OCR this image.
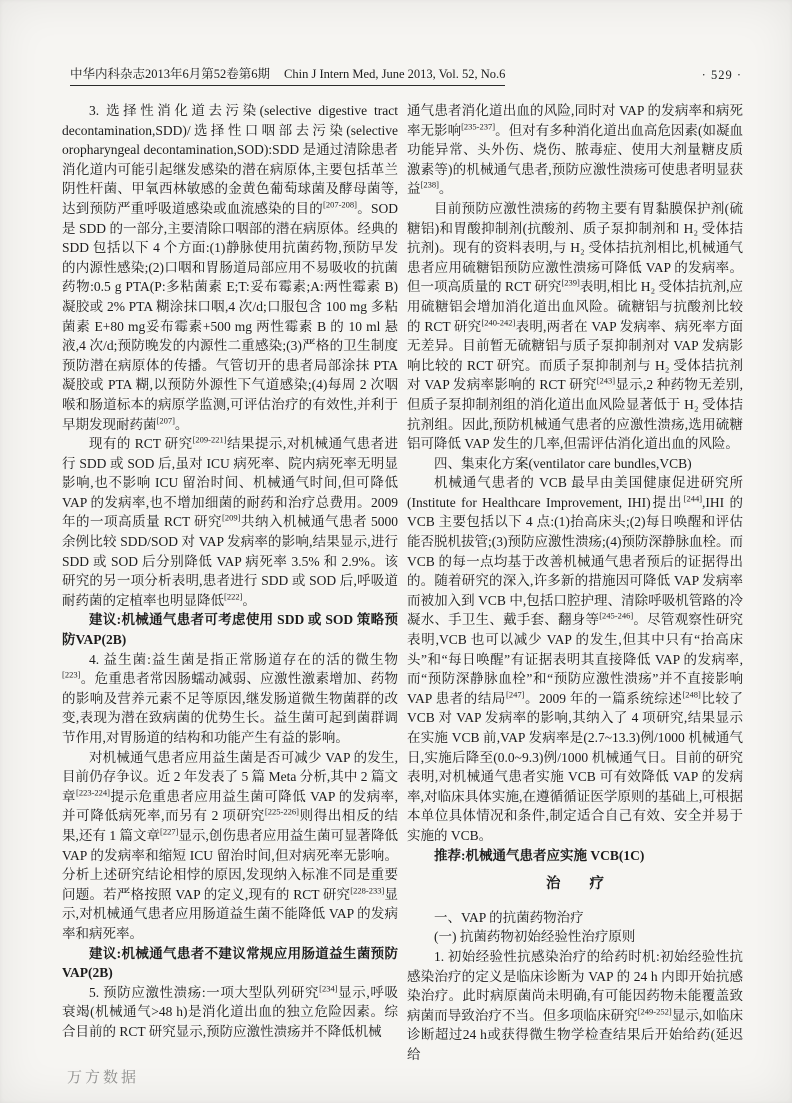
中华内科杂志2013年6月第52卷第6期 Chin J Intern Med, June 2013, Vol. 52, No.6	· 529 ·

3. 选择性消化道去污染(selective digestive tract decontamination,SDD)/选择性口咽部去污染(selective oropharyngeal decontamination,SOD):SDD 是通过清除患者消化道内可能引起继发感染的潜在病原体,主要包括革兰阴性杆菌、甲氧西林敏感的金黄色葡萄球菌及酵母菌等,达到预防严重呼吸道感染或血流感染的目的[207-208]。SOD 是 SDD 的一部分,主要清除口咽部的潜在病原体。经典的 SDD 包括以下 4 个方面:(1)静脉使用抗菌药物,预防早发的内源性感染;(2)口咽和胃肠道局部应用不易吸收的抗菌药物:0.5 g PTA(P:多粘菌素 E;T:妥布霉素;A:两性霉素 B)凝胶或 2% PTA 糊涂抹口咽,4 次/d;口服包含 100 mg 多粘菌素 E+80 mg妥布霉素+500 mg 两性霉素 B 的 10 ml 悬液,4 次/d;预防晚发的内源性二重感染;(3)严格的卫生制度预防潜在病原体的传播。气管切开的患者局部涂抹 PTA 凝胶或 PTA 糊,以预防外源性下气道感染;(4)每周 2 次咽喉和肠道标本的病原学监测,可评估治疗的有效性,并利于早期发现耐药菌[207]。

现有的 RCT 研究[209-221]结果提示,对机械通气患者进行 SDD 或 SOD 后,虽对 ICU 病死率、院内病死率无明显影响,也不影响 ICU 留治时间、机械通气时间,但可降低 VAP 的发病率,也不增加细菌的耐药和治疗总费用。2009 年的一项高质量 RCT 研究[209]共纳入机械通气患者 5000 余例比较 SDD/SOD 对 VAP 发病率的影响,结果显示,进行 SDD 或 SOD 后分别降低 VAP 病死率 3.5% 和 2.9%。该研究的另一项分析表明,患者进行 SDD 或 SOD 后,呼吸道耐药菌的定植率也明显降低[222]。

建议:机械通气患者可考虑使用 SDD 或 SOD 策略预防VAP(2B)

4. 益生菌:益生菌是指正常肠道存在的活的微生物[223]。危重患者常因肠蠕动减弱、应激性激素增加、药物的影响及营养元素不足等原因,继发肠道微生物菌群的改变,表现为潜在致病菌的优势生长。益生菌可起到菌群调节作用,对胃肠道的结构和功能产生有益的影响。

对机械通气患者应用益生菌是否可减少 VAP 的发生,目前仍存争议。近 2 年发表了 5 篇 Meta 分析,其中 2 篇文章[223-224]提示危重患者应用益生菌可降低 VAP 的发病率,并可降低病死率,而另有 2 项研究[225-226]则得出相反的结果,还有 1 篇文章[227]显示,创伤患者应用益生菌可显著降低 VAP 的发病率和缩短 ICU 留治时间,但对病死率无影响。分析上述研究结论相悖的原因,发现纳入标准不同是重要问题。若严格按照 VAP 的定义,现有的 RCT 研究[228-233]显示,对机械通气患者应用肠道益生菌不能降低 VAP 的发病率和病死率。

建议:机械通气患者不建议常规应用肠道益生菌预防VAP(2B)

5. 预防应激性溃疡:一项大型队列研究[234]显示,呼吸衰竭(机械通气>48 h)是消化道出血的独立危险因素。综合目前的 RCT 研究显示,预防应激性溃疡并不降低机械

通气患者消化道出血的风险,同时对 VAP 的发病率和病死率无影响[235-237]。但对有多种消化道出血高危因素(如凝血功能异常、头外伤、烧伤、脓毒症、使用大剂量糖皮质激素等)的机械通气患者,预防应激性溃疡可使患者明显获益[238]。

目前预防应激性溃疡的药物主要有胃黏膜保护剂(硫糖铝)和胃酸抑制剂(抗酸剂、质子泵抑制剂和 H₂ 受体拮抗剂)。现有的资料表明,与 H₂ 受体拮抗剂相比,机械通气患者应用硫糖铝预防应激性溃疡可降低 VAP 的发病率。但一项高质量的 RCT 研究[239]表明,相比 H₂ 受体拮抗剂,应用硫糖铝会增加消化道出血风险。硫糖铝与抗酸剂比较的 RCT 研究[240-242]表明,两者在 VAP 发病率、病死率方面无差异。目前暂无硫糖铝与质子泵抑制剂对 VAP 发病影响比较的 RCT 研究。而质子泵抑制剂与 H₂ 受体拮抗剂对 VAP 发病率影响的 RCT 研究[243]显示,2 种药物无差别,但质子泵抑制剂组的消化道出血风险显著低于 H₂ 受体拮抗剂组。因此,预防机械通气患者的应激性溃疡,选用硫糖铝可降低 VAP 发生的几率,但需评估消化道出血的风险。

四、集束化方案(ventilator care bundles,VCB)

机械通气患者的 VCB 最早由美国健康促进研究所(Institute for Healthcare Improvement, IHI)提出[244],IHI 的 VCB 主要包括以下 4 点:(1)抬高床头;(2)每日唤醒和评估能否脱机拔管;(3)预防应激性溃疡;(4)预防深静脉血栓。而 VCB 的每一点均基于改善机械通气患者预后的证据得出的。随着研究的深入,许多新的措施因可降低 VAP 发病率而被加入到 VCB 中,包括口腔护理、清除呼吸机管路的冷凝水、手卫生、戴手套、翻身等[245-246]。尽管观察性研究表明,VCB 也可以减少 VAP 的发生,但其中只有“抬高床头”和“每日唤醒”有证据表明其直接降低 VAP 的发病率,而“预防深静脉血栓”和“预防应激性溃疡”并不直接影响 VAP 患者的结局[247]。2009 年的一篇系统综述[248]比较了 VCB 对 VAP 发病率的影响,其纳入了 4 项研究,结果显示在实施 VCB 前,VAP 发病率是(2.7~13.3)例/1000 机械通气日,实施后降至(0.0~9.3)例/1000 机械通气日。目前的研究表明,对机械通气患者实施 VCB 可有效降低 VAP 的发病率,对临床具体实施,在遵循循证医学原则的基础上,可根据本单位具体情况和条件,制定适合自己有效、安全并易于实施的 VCB。

推荐:机械通气患者应实施 VCB(1C)

治　　疗

一、VAP 的抗菌药物治疗

(一) 抗菌药物初始经验性治疗原则

1. 初始经验性抗感染治疗的给药时机:初始经验性抗感染治疗的定义是临床诊断为 VAP 的 24 h 内即开始抗感染治疗。此时病原菌尚未明确,有可能因药物未能覆盖致病菌而导致治疗不当。但多项临床研究[249-252]显示,如临床诊断超过24 h或获得微生物学检查结果后开始给药(延迟给

万方数据
